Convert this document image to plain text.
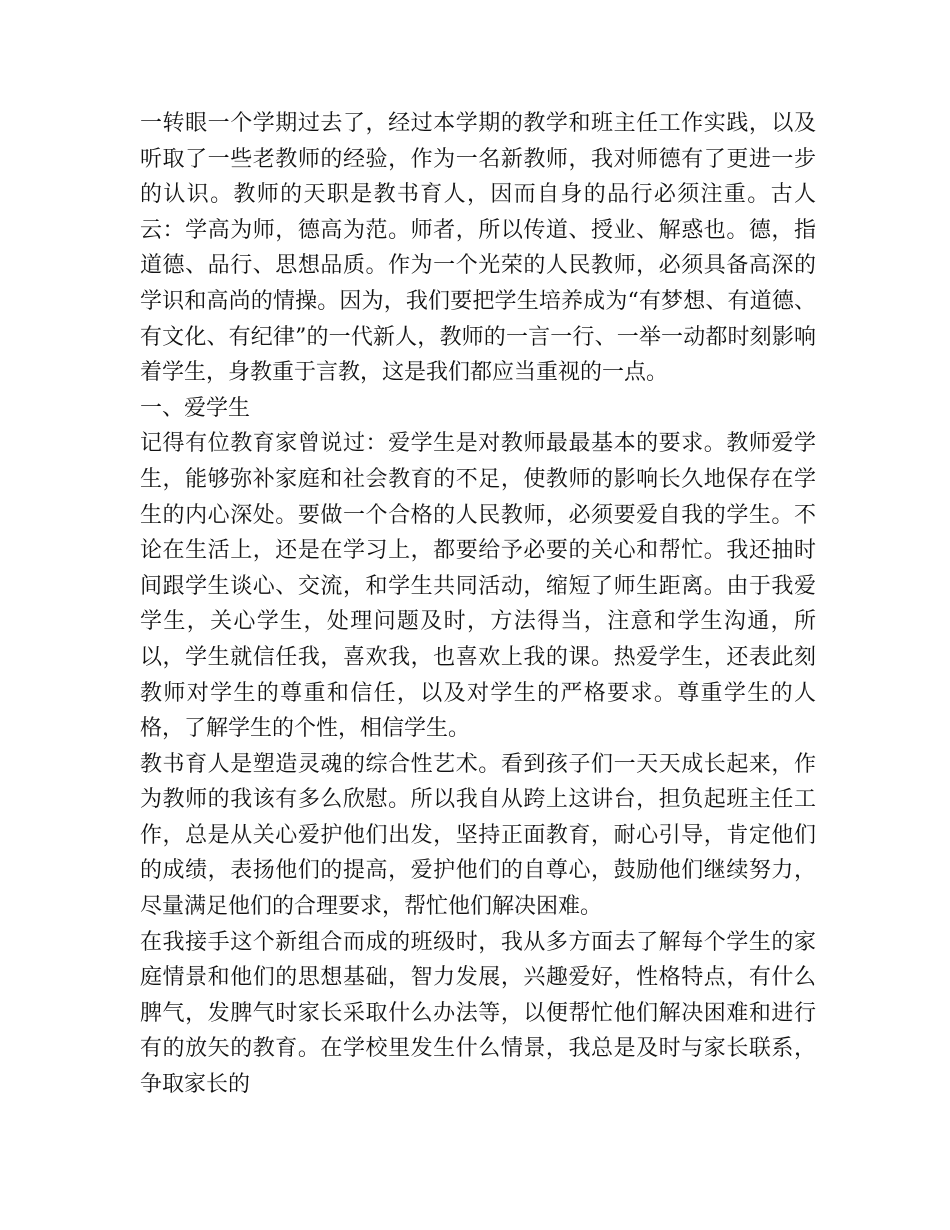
一转眼一个学期过去了，经过本学期的教学和班主任工作实践，以及听取了一些老教师的经验，作为一名新教师，我对师德有了更进一步的认识。教师的天职是教书育人，因而自身的品行必须注重。古人云：学高为师，德高为范。师者，所以传道、授业、解惑也。德，指道德、品行、思想品质。作为一个光荣的人民教师，必须具备高深的学识和高尚的情操。因为，我们要把学生培养成为“有梦想、有道德、有文化、有纪律”的一代新人，教师的一言一行、一举一动都时刻影响着学生，身教重于言教，这是我们都应当重视的一点。

一、爱学生

记得有位教育家曾说过：爱学生是对教师最最基本的要求。教师爱学生，能够弥补家庭和社会教育的不足，使教师的影响长久地保存在学生的内心深处。要做一个合格的人民教师，必须要爱自我的学生。不论在生活上，还是在学习上，都要给予必要的关心和帮忙。我还抽时间跟学生谈心、交流，和学生共同活动，缩短了师生距离。由于我爱学生，关心学生，处理问题及时，方法得当，注意和学生沟通，所以，学生就信任我，喜欢我，也喜欢上我的课。热爱学生，还表此刻教师对学生的尊重和信任，以及对学生的严格要求。尊重学生的人格，了解学生的个性，相信学生。

教书育人是塑造灵魂的综合性艺术。看到孩子们一天天成长起来，作为教师的我该有多么欣慰。所以我自从跨上这讲台，担负起班主任工作，总是从关心爱护他们出发，坚持正面教育，耐心引导，肯定他们的成绩，表扬他们的提高，爱护他们的自尊心，鼓励他们继续努力，尽量满足他们的合理要求，帮忙他们解决困难。

在我接手这个新组合而成的班级时，我从多方面去了解每个学生的家庭情景和他们的思想基础，智力发展，兴趣爱好，性格特点，有什么脾气，发脾气时家长采取什么办法等，以便帮忙他们解决困难和进行有的放矢的教育。在学校里发生什么情景，我总是及时与家长联系，争取家长的
